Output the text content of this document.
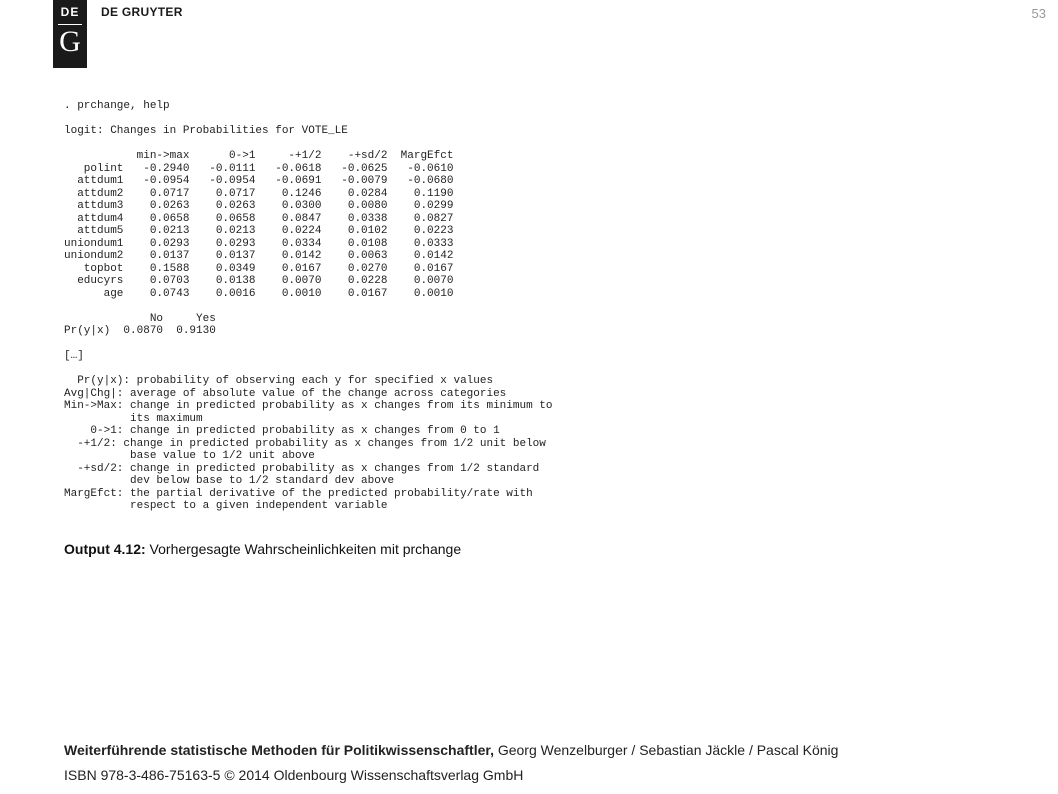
DE
G
DE GRUYTER	53
. prchange, help
logit: Changes in Probabilities for VOTE_LE
min->max      0->1     -+1/2    -+sd/2  MargEfct
polint   -0.2940   -0.0111   -0.0618   -0.0625   -0.0610
attdum1   -0.0954   -0.0954   -0.0691   -0.0079   -0.0680
attdum2    0.0717    0.0717    0.1246    0.0284    0.1190
attdum3    0.0263    0.0263    0.0300    0.0080    0.0299
attdum4    0.0658    0.0658    0.0847    0.0338    0.0827
attdum5    0.0213    0.0213    0.0224    0.0102    0.0223
uniondum1    0.0293    0.0293    0.0334    0.0108    0.0333
uniondum2    0.0137    0.0137    0.0142    0.0063    0.0142
topbot    0.1588    0.0349    0.0167    0.0270    0.0167
educyrs    0.0703    0.0138    0.0070    0.0228    0.0070
age    0.0743    0.0016    0.0010    0.0167    0.0010
No     Yes
Pr(y|x)  0.0870  0.9130
[…]
Pr(y|x): probability of observing each y for specified x values
Avg|Chg|: average of absolute value of the change across categories
Min->Max: change in predicted probability as x changes from its minimum to
its maximum
0->1: change in predicted probability as x changes from 0 to 1
-+1/2: change in predicted probability as x changes from 1/2 unit below
base value to 1/2 unit above
-+sd/2: change in predicted probability as x changes from 1/2 standard
dev below base to 1/2 standard dev above
MargEfct: the partial derivative of the predicted probability/rate with
respect to a given independent variable
Output 4.12: Vorhergesagte Wahrscheinlichkeiten mit prchange
Weiterführende statistische Methoden für Politikwissenschaftler, Georg Wenzelburger / Sebastian Jäckle / Pascal König
ISBN 978-3-486-75163-5 © 2014 Oldenbourg Wissenschaftsverlag GmbH
